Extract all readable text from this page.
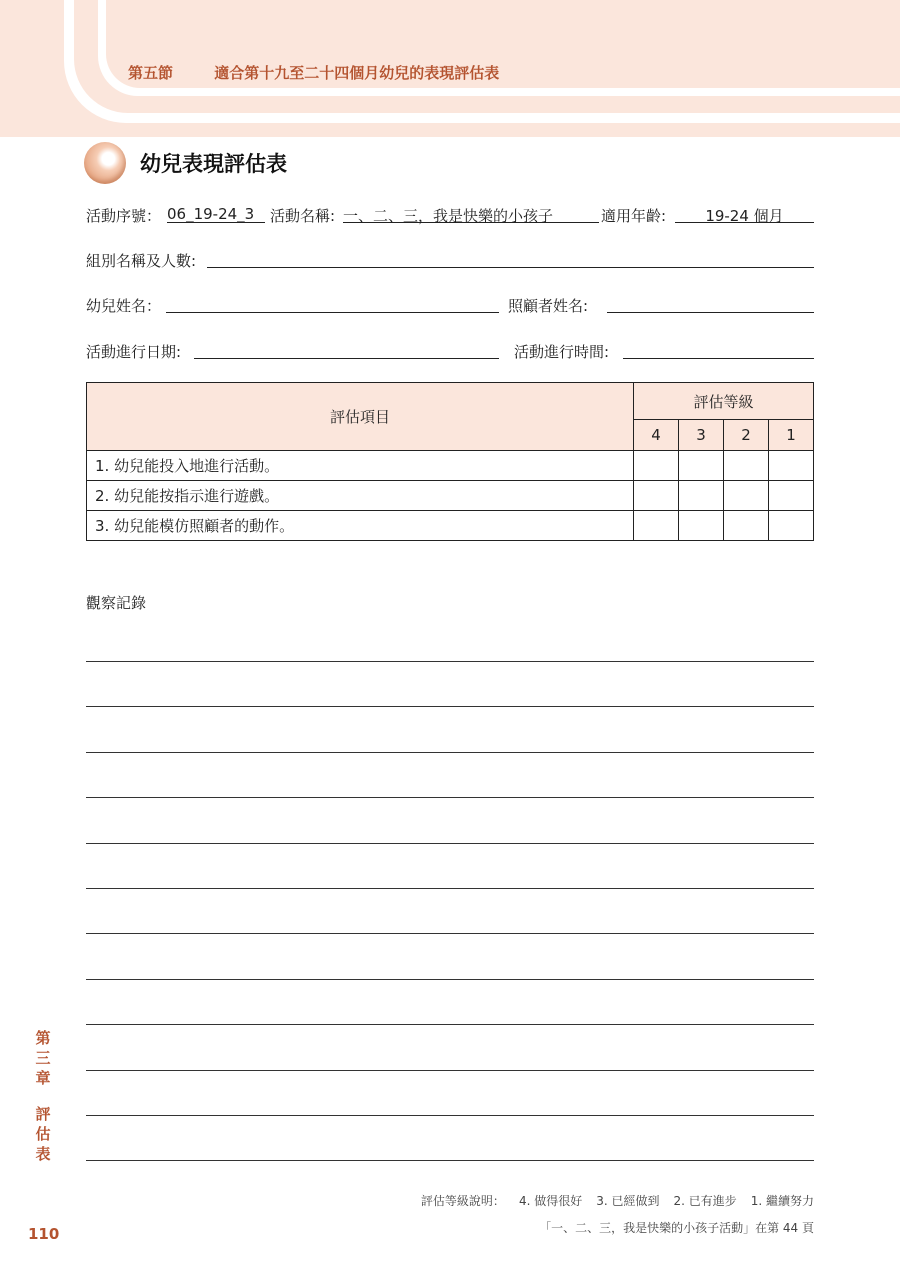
第五節	適合第十九至二十四個月幼兒的表現評估表
幼兒表現評估表
活動序號： 06_19-24_3	活動名稱: 一、二、三，我是快樂的小孩子	適用年齡:	19-24 個月
組別名稱及人數:
幼兒姓名：	照顧者姓名:
活動進行日期:	活動進行時間:
評估項目	評估等級			
	4	3	2	1
1. 幼兒能投入地進行活動。				
2. 幼兒能按指示進行遊戲。				
3. 幼兒能模仿照顧者的動作。				
觀察記錄
第
三
章
評
估
表
110
評估等級說明： 4. 做得很好 3. 已經做到 2. 已有進步 1. 繼續努力
「一、二、三，我是快樂的小孩子活動」在第 44 頁
